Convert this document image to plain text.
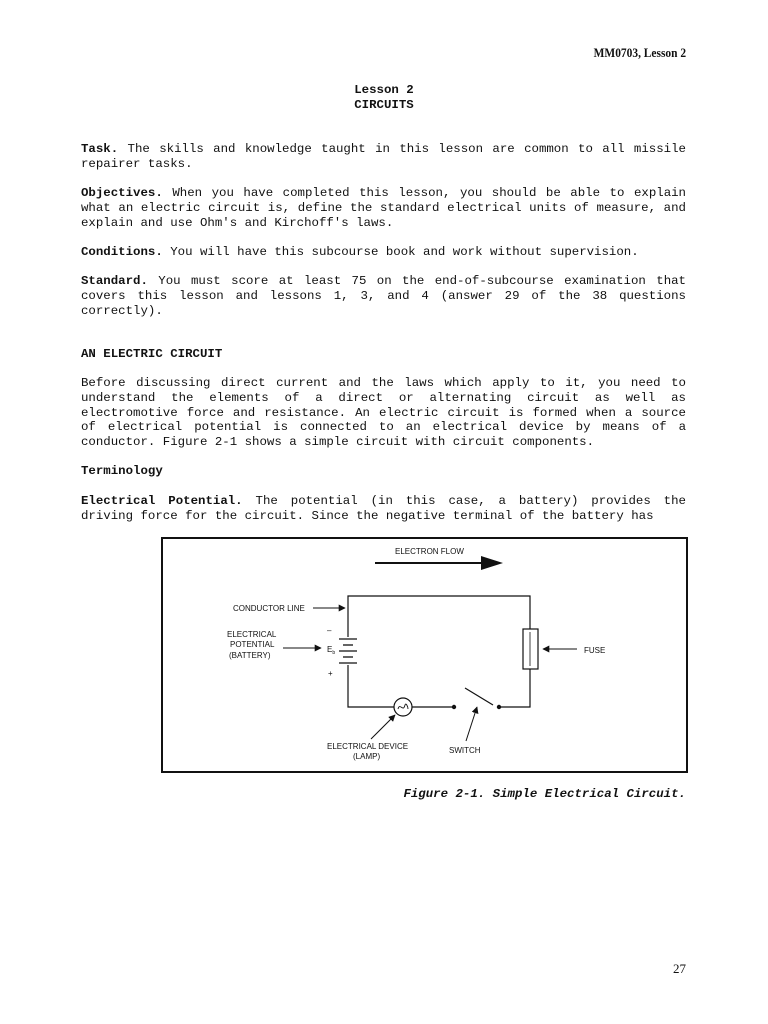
MM0703, Lesson 2
Lesson 2
CIRCUITS

Task. The skills and knowledge taught in this lesson are common to all missile repairer tasks.

Objectives. When you have completed this lesson, you should be able to explain what an electric circuit is, define the standard electrical units of measure, and explain and use Ohm's and Kirchoff's laws.

Conditions. You will have this subcourse book and work without supervision.

Standard. You must score at least 75 on the end-of-subcourse examination that covers this lesson and lessons 1, 3, and 4 (answer 29 of the 38 questions correctly).

AN ELECTRIC CIRCUIT

Before discussing direct current and the laws which apply to it, you need to understand the elements of a direct or alternating circuit as well as electromotive force and resistance. An electric circuit is formed when a source of electrical potential is connected to an electrical device by means of a conductor. Figure 2-1 shows a simple circuit with circuit components.

Terminology

Electrical Potential. The potential (in this case, a battery) provides the driving force for the circuit. Since the negative terminal of the battery has

ELECTRON FLOW
$E_b$
–
+
CONDUCTOR LINE
ELECTRICAL
POTENTIAL
(BATTERY)
FUSE
ELECTRICAL DEVICE
(LAMP)
SWITCH
Figure 2-1. Simple Electrical Circuit.
27
